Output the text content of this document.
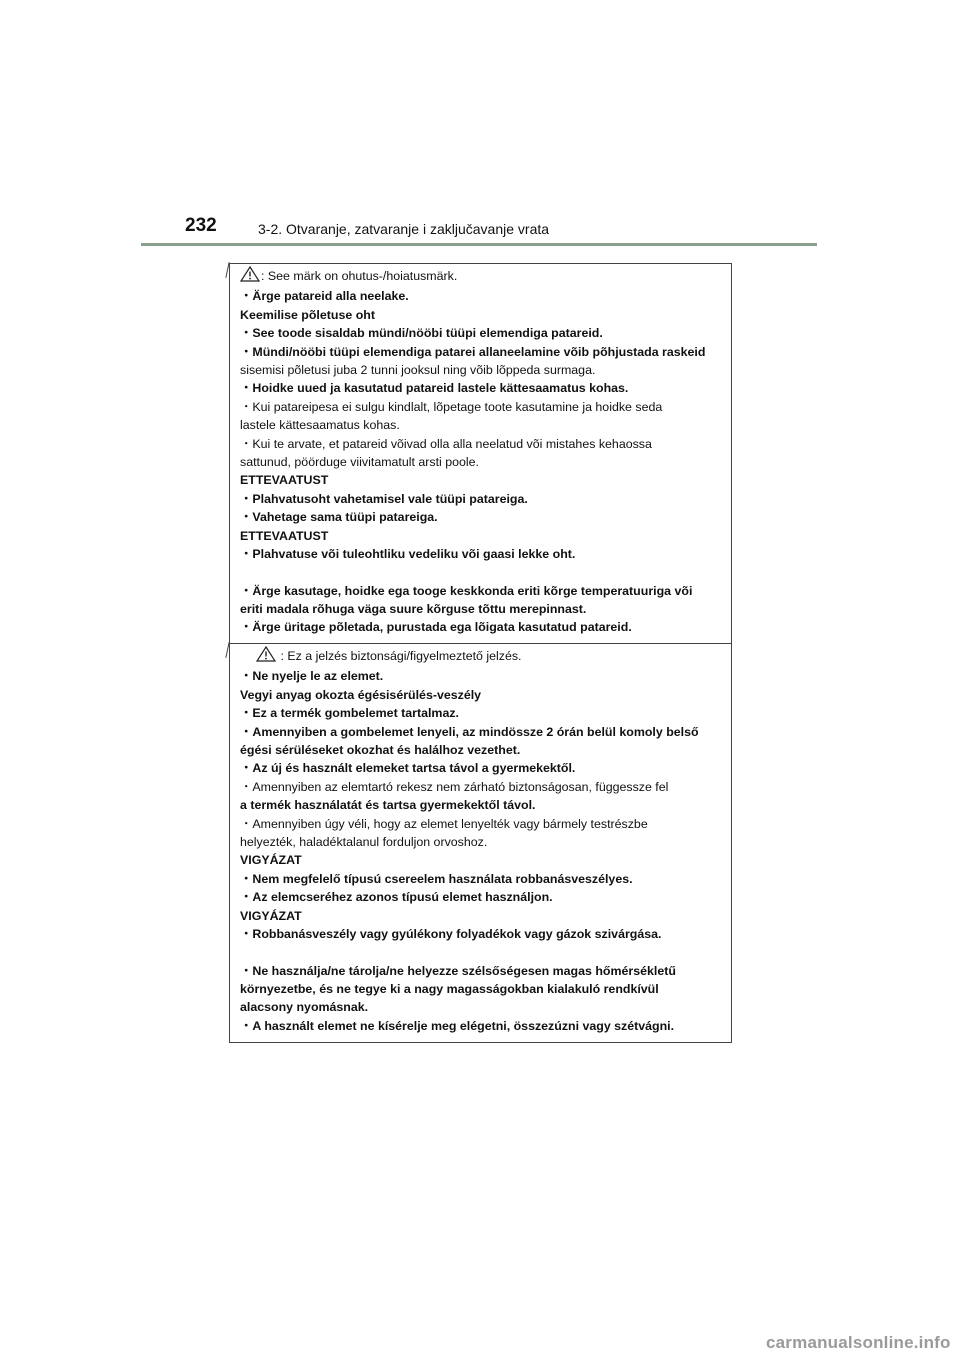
232	3-2. Otvaranje, zatvaranje i zaključavanje vrata
: See märk on ohutus-/hoiatusmärk.
・Ärge patareid alla neelake.
Keemilise põletuse oht
・See toode sisaldab mündi/nööbi tüüpi elemendiga patareid.
・Mündi/nööbi tüüpi elemendiga patarei allaneelamine võib põhjustada raskeid
sisemisi põletusi juba 2 tunni jooksul ning võib lõppeda surmaga.
・Hoidke uued ja kasutatud patareid lastele kättesaamatus kohas.
・Kui patareipesa ei sulgu kindlalt, lõpetage toote kasutamine ja hoidke seda
lastele kättesaamatus kohas.
・Kui te arvate, et patareid võivad olla alla neelatud või mistahes kehaossa
sattunud, pöörduge viivitamatult arsti poole.
ETTEVAATUST
・Plahvatusoht vahetamisel vale tüüpi patareiga.
・Vahetage sama tüüpi patareiga.
ETTEVAATUST
・Plahvatuse või tuleohtliku vedeliku või gaasi lekke oht.
・Ärge kasutage, hoidke ega tooge keskkonda eriti kõrge temperatuuriga või
eriti madala rõhuga väga suure kõrguse tõttu merepinnast.
・Ärge üritage põletada, purustada ega lõigata kasutatud patareid.
: Ez a jelzés biztonsági/figyelmeztető jelzés.
・Ne nyelje le az elemet.
Vegyi anyag okozta égésisérülés-veszély
・Ez a termék gombelemet tartalmaz.
・Amennyiben a gombelemet lenyeli, az mindössze 2 órán belül komoly belső
égési sérüléseket okozhat és halálhoz vezethet.
・Az új és használt elemeket tartsa távol a gyermekektől.
・Amennyiben az elemtartó rekesz nem zárható biztonságosan, függessze fel
a termék használatát és tartsa gyermekektől távol.
・Amennyiben úgy véli, hogy az elemet lenyelték vagy bármely testrészbe
helyezték, haladéktalanul forduljon orvoshoz.
VIGYÁZAT
・Nem megfelelő típusú csereelem használata robbanásveszélyes.
・Az elemcseréhez azonos típusú elemet használjon.
VIGYÁZAT
・Robbanásveszély vagy gyúlékony folyadékok vagy gázok szivárgása.
・Ne használja/ne tárolja/ne helyezze szélsőségesen magas hőmérsékletű
környezetbe, és ne tegye ki a nagy magasságokban kialakuló rendkívül
alacsony nyomásnak.
・A használt elemet ne kísérelje meg elégetni, összezúzni vagy szétvágni.
carmanualsonline.info
